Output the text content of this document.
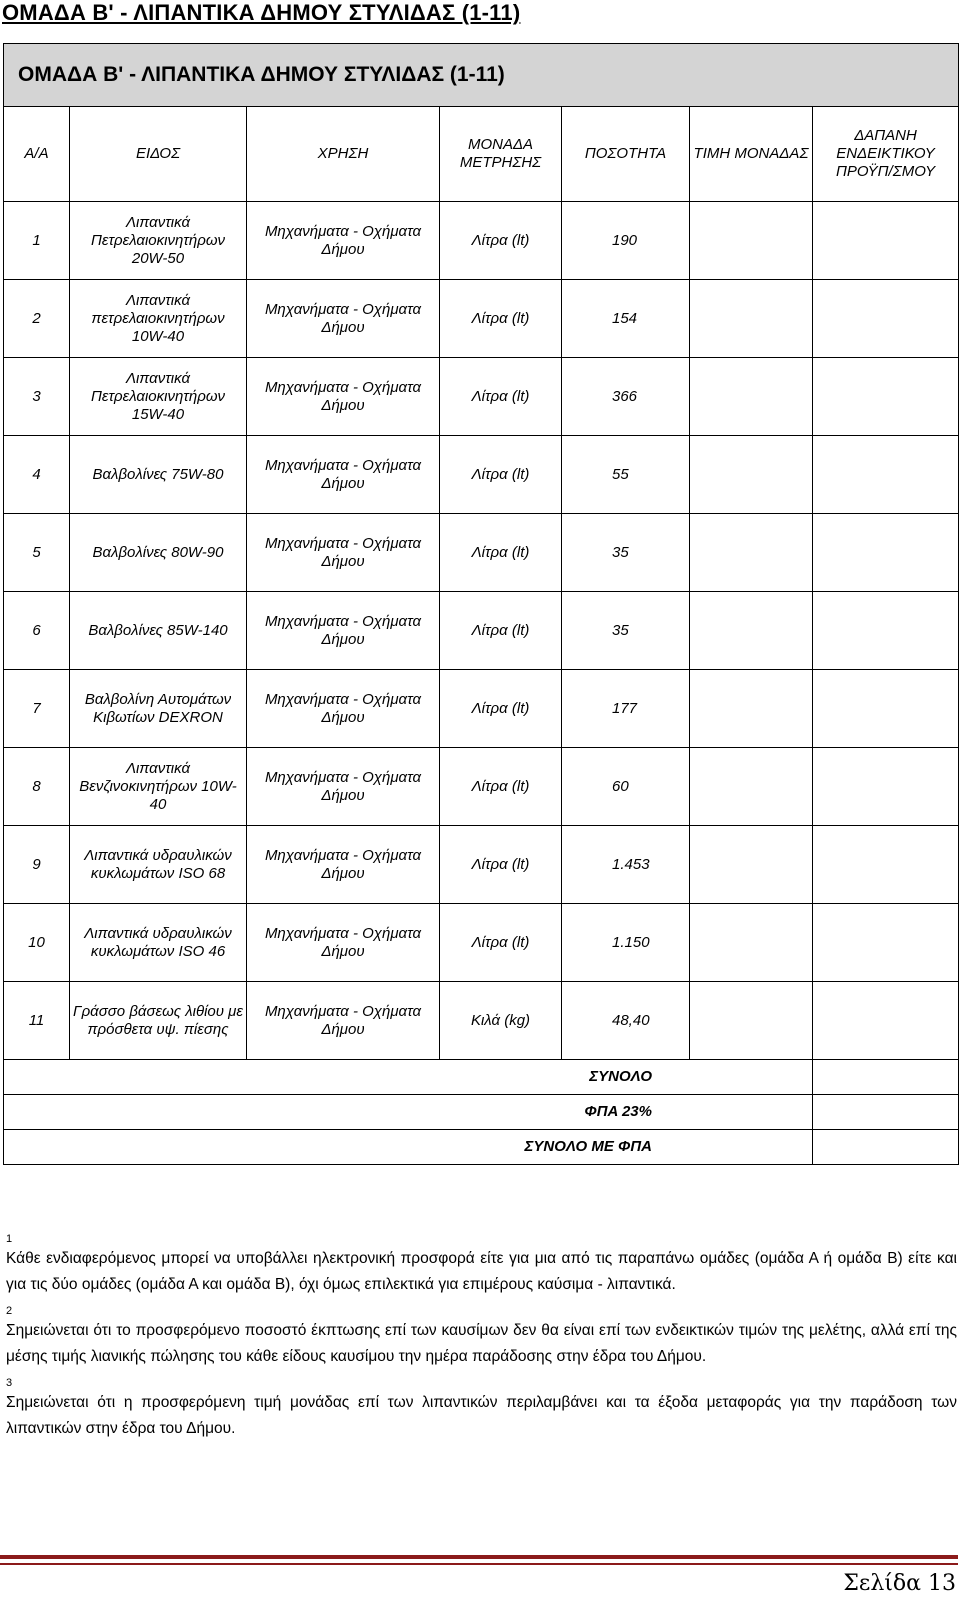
ΟΜΑΔΑ Β' - ΛΙΠΑΝΤΙΚΑ ΔΗΜΟΥ ΣΤΥΛΙΔΑΣ (1-11)
ΟΜΑΔΑ Β' - ΛΙΠΑΝΤΙΚΑ ΔΗΜΟΥ ΣΤΥΛΙΔΑΣ (1-11)						
Α/Α	ΕΙΔΟΣ	ΧΡΗΣΗ	ΜΟΝΑΔΑ ΜΕΤΡΗΣΗΣ	ΠΟΣΟΤΗΤΑ	ΤΙΜΗ ΜΟΝΑΔΑΣ	ΔΑΠΑΝΗ ΕΝΔΕΙΚΤΙΚΟΥ ΠΡΟΫΠ/ΣΜΟΥ
1	Λιπαντικά Πετρελαιοκινητήρων 20W-50	Μηχανήματα - Οχήματα Δήμου	Λίτρα (lt)	190		
2	Λιπαντικά πετρελαιοκινητήρων 10W-40	Μηχανήματα - Οχήματα Δήμου	Λίτρα (lt)	154		
3	Λιπαντικά Πετρελαιοκινητήρων 15W-40	Μηχανήματα - Οχήματα Δήμου	Λίτρα (lt)	366		
4	Βαλβολίνες 75W-80	Μηχανήματα - Οχήματα Δήμου	Λίτρα (lt)	55		
5	Βαλβολίνες 80W-90	Μηχανήματα - Οχήματα Δήμου	Λίτρα (lt)	35		
6	Βαλβολίνες 85W-140	Μηχανήματα - Οχήματα Δήμου	Λίτρα (lt)	35		
7	Βαλβολίνη Αυτομάτων Κιβωτίων DEXRON	Μηχανήματα - Οχήματα Δήμου	Λίτρα (lt)	177		
8	Λιπαντικά Βενζινοκινητήρων 10W-40	Μηχανήματα - Οχήματα Δήμου	Λίτρα (lt)	60		
9	Λιπαντικά υδραυλικών κυκλωμάτων ISO 68	Μηχανήματα - Οχήματα Δήμου	Λίτρα (lt)	1.453		
10	Λιπαντικά υδραυλικών κυκλωμάτων ISO 46	Μηχανήματα - Οχήματα Δήμου	Λίτρα (lt)	1.150		
11	Γράσσο βάσεως λιθίου με πρόσθετα υψ. πίεσης	Μηχανήματα - Οχήματα Δήμου	Κιλά (kg)	48,40		
ΣΥΝΟΛΟ						
ΦΠΑ 23%						
ΣΥΝΟΛΟ ΜΕ ΦΠΑ						
1
Κάθε ενδιαφερόμενος μπορεί να υποβάλλει ηλεκτρονική προσφορά είτε για μια από τις παραπάνω ομάδες (ομάδα Α ή ομάδα Β) είτε και για τις δύο ομάδες (ομάδα Α και ομάδα Β), όχι όμως επιλεκτικά για επιμέρους καύσιμα - λιπαντικά.
2
Σημειώνεται ότι το προσφερόμενο ποσοστό έκπτωσης επί των καυσίμων δεν θα είναι επί των ενδεικτικών τιμών της μελέτης, αλλά επί της μέσης τιμής λιανικής πώλησης του κάθε είδους καυσίμου την ημέρα παράδοσης στην έδρα του Δήμου.
3
Σημειώνεται ότι η προσφερόμενη τιμή μονάδας επί των λιπαντικών περιλαμβάνει και τα έξοδα μεταφοράς για την παράδοση των λιπαντικών στην έδρα του Δήμου.
Σελίδα 13
